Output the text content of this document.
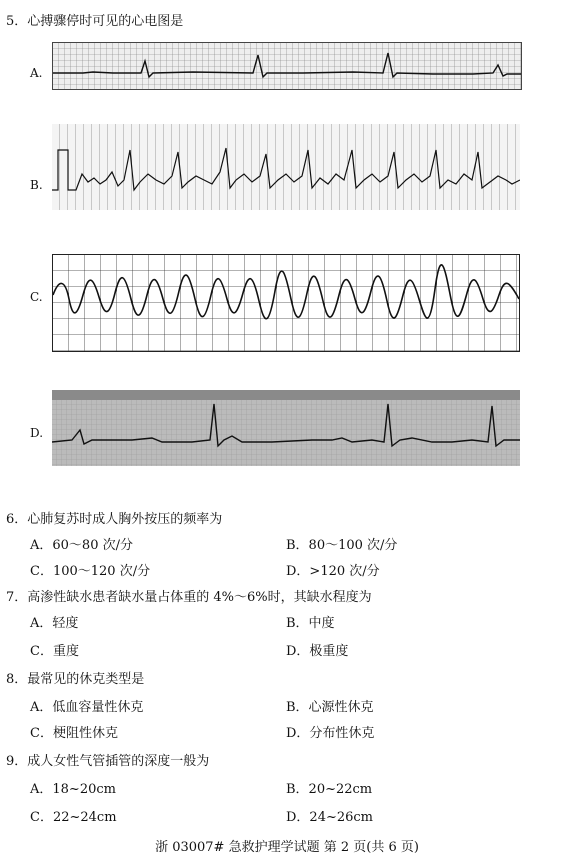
5．心搏骤停时可见的心电图是
A.
B.
C.
D.
6．心肺复苏时成人胸外按压的频率为
A．60～80 次/分	B．80～100 次/分
C．100～120 次/分	D．>120 次/分
7．高渗性缺水患者缺水量占体重的 4%～6%时，其缺水程度为
A．轻度	B．中度
C．重度	D．极重度
8．最常见的休克类型是
A．低血容量性休克	B．心源性休克
C．梗阻性休克	D．分布性休克
9．成人女性气管插管的深度一般为
A．18~20cm	B．20~22cm
C．22~24cm	D．24~26cm
浙 03007# 急救护理学试题 第 2 页(共 6 页)
